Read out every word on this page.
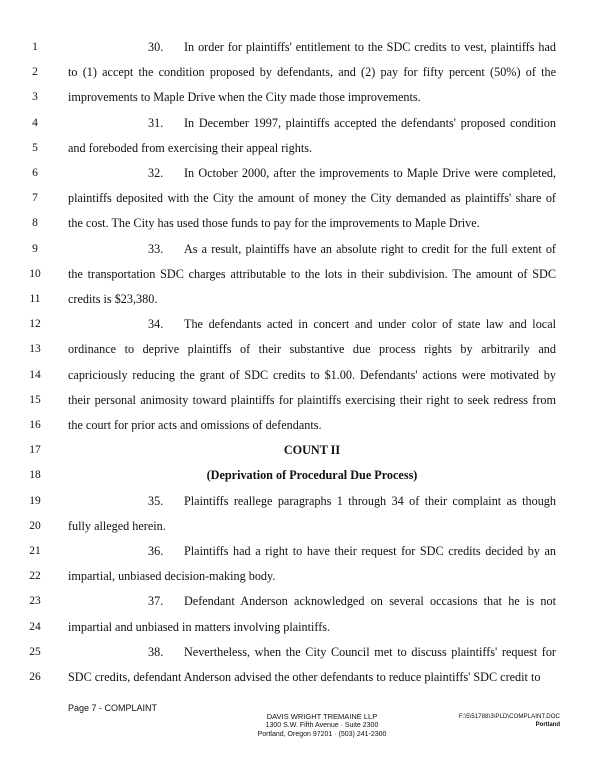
1	30. In order for plaintiffs' entitlement to the SDC credits to vest, plaintiffs had
2	to (1) accept the condition proposed by defendants, and (2) pay for fifty percent (50%) of the
3	improvements to Maple Drive when the City made those improvements.
4	31. In December 1997, plaintiffs accepted the defendants' proposed condition
5	and foreboded from exercising their appeal rights.
6	32. In October 2000, after the improvements to Maple Drive were completed,
7	plaintiffs deposited with the City the amount of money the City demanded as plaintiffs' share of
8	the cost. The City has used those funds to pay for the improvements to Maple Drive.
9	33. As a result, plaintiffs have an absolute right to credit for the full extent of
10	the transportation SDC charges attributable to the lots in their subdivision. The amount of SDC
11	credits is $23,380.
12	34. The defendants acted in concert and under color of state law and local
13	ordinance to deprive plaintiffs of their substantive due process rights by arbitrarily and
14	capriciously reducing the grant of SDC credits to $1.00. Defendants' actions were motivated by
15	their personal animosity toward plaintiffs for plaintiffs exercising their right to seek redress from
16	the court for prior acts and omissions of defendants.
17	COUNT II
18	(Deprivation of Procedural Due Process)
19	35. Plaintiffs reallege paragraphs 1 through 34 of their complaint as though
20	fully alleged herein.
21	36. Plaintiffs had a right to have their request for SDC credits decided by an
22	impartial, unbiased decision-making body.
23	37. Defendant Anderson acknowledged on several occasions that he is not
24	impartial and unbiased in matters involving plaintiffs.
25	38. Nevertheless, when the City Council met to discuss plaintiffs' request for
26	SDC credits, defendant Anderson advised the other defendants to reduce plaintiffs' SDC credit to
Page 7 - COMPLAINT
DAVIS WRIGHT TREMAINE LLP
1300 S.W. Fifth Avenue · Suite 2300
Portland, Oregon 97201 · (503) 241-2300
F:\5\51788\3\PLD\COMPLAINT.DOC
Portland
